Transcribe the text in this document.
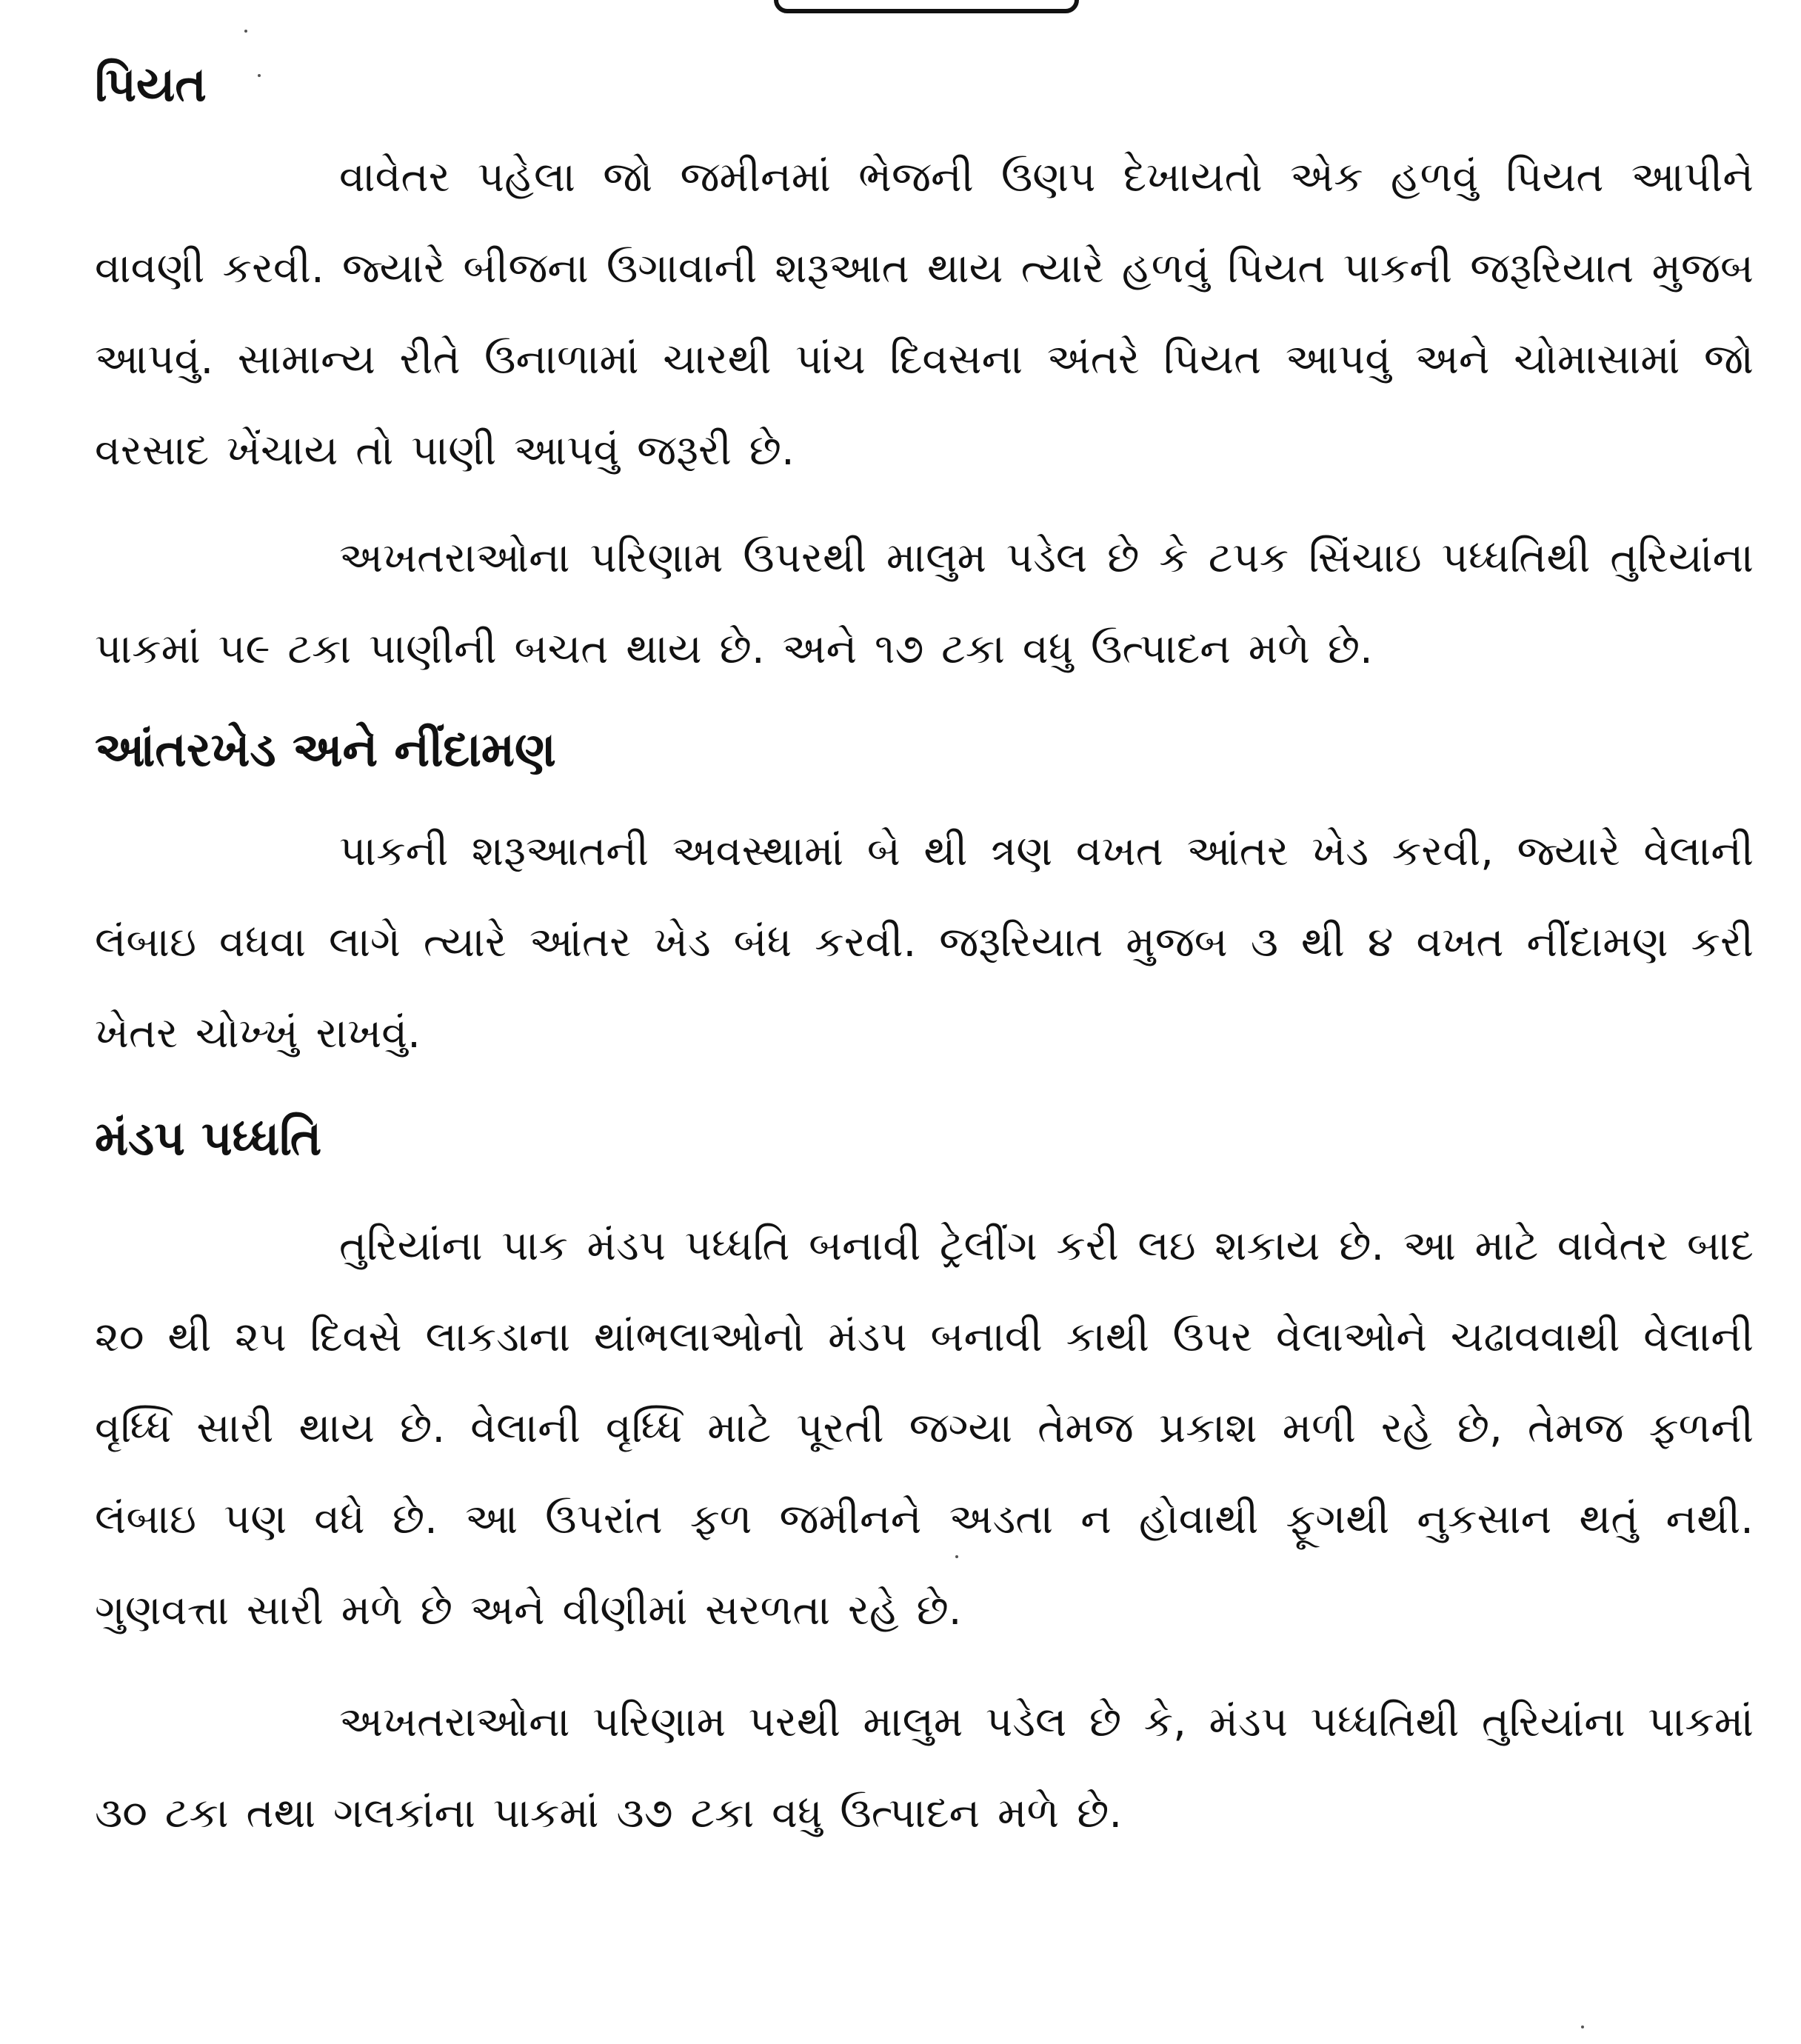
પિયત

વાવેતર પહેલા જો જમીનમાં ભેજની ઉણપ દેખાયતો એક હળવું પિયત આપીને વાવણી કરવી. જ્યારે બીજના ઉગાવાની શરૂઆત થાય ત્યારે હળવું પિયત પાકની જરૂરિયાત મુજબ આપવું. સામાન્ય રીતે ઉનાળામાં ચારથી પાંચ દિવસના અંતરે પિયત આપવું અને ચોમાસામાં જો વરસાદ ખેંચાય તો પાણી આપવું જરૂરી છે.

અખતરાઓના પરિણામ ઉપરથી માલુમ પડેલ છે કે ટપક સિંચાઇ પધ્ધતિથી તુરિયાંના પાકમાં ૫૯ ટકા પાણીની બચત થાય છે. અને ૧૭ ટકા વધુ ઉત્પાદન મળે છે.

આંતરખેડ અને નીંદામણ

પાકની શરૂઆતની અવસ્થામાં બે થી ત્રણ વખત આંતર ખેડ કરવી, જ્યારે વેલાની લંબાઇ વધવા લાગે ત્યારે આંતર ખેડ બંધ કરવી. જરૂરિયાત મુજબ ૩ થી ૪ વખત નીંદામણ કરી ખેતર ચોખ્ખું રાખવું.

મંડપ પધ્ધતિ

તુરિયાંના પાક મંડપ પધ્ધતિ બનાવી ટ્રેલીંગ કરી લઇ શકાય છે. આ માટે વાવેતર બાદ ૨૦ થી ૨૫ દિવસે લાકડાના થાંભલાઓનો મંડપ બનાવી કાથી ઉપર વેલાઓને ચઢાવવાથી વેલાની વૃધ્ધિ સારી થાય છે. વેલાની વૃધ્ધિ માટે પૂરતી જગ્યા તેમજ પ્રકાશ મળી રહે છે, તેમજ ફળની લંબાઇ પણ વધે છે. આ ઉપરાંત ફળ જમીનને અડતા ન હોવાથી ફૂગથી નુકસાન થતું નથી. ગુણવત્તા સારી મળે છે અને વીણીમાં સરળતા રહે છે.

અખતરાઓના પરિણામ પરથી માલુમ પડેલ છે કે, મંડપ પધ્ધતિથી તુરિયાંના પાકમાં ૩૦ ટકા તથા ગલકાંના પાકમાં ૩૭ ટકા વધુ ઉત્પાદન મળે છે.
